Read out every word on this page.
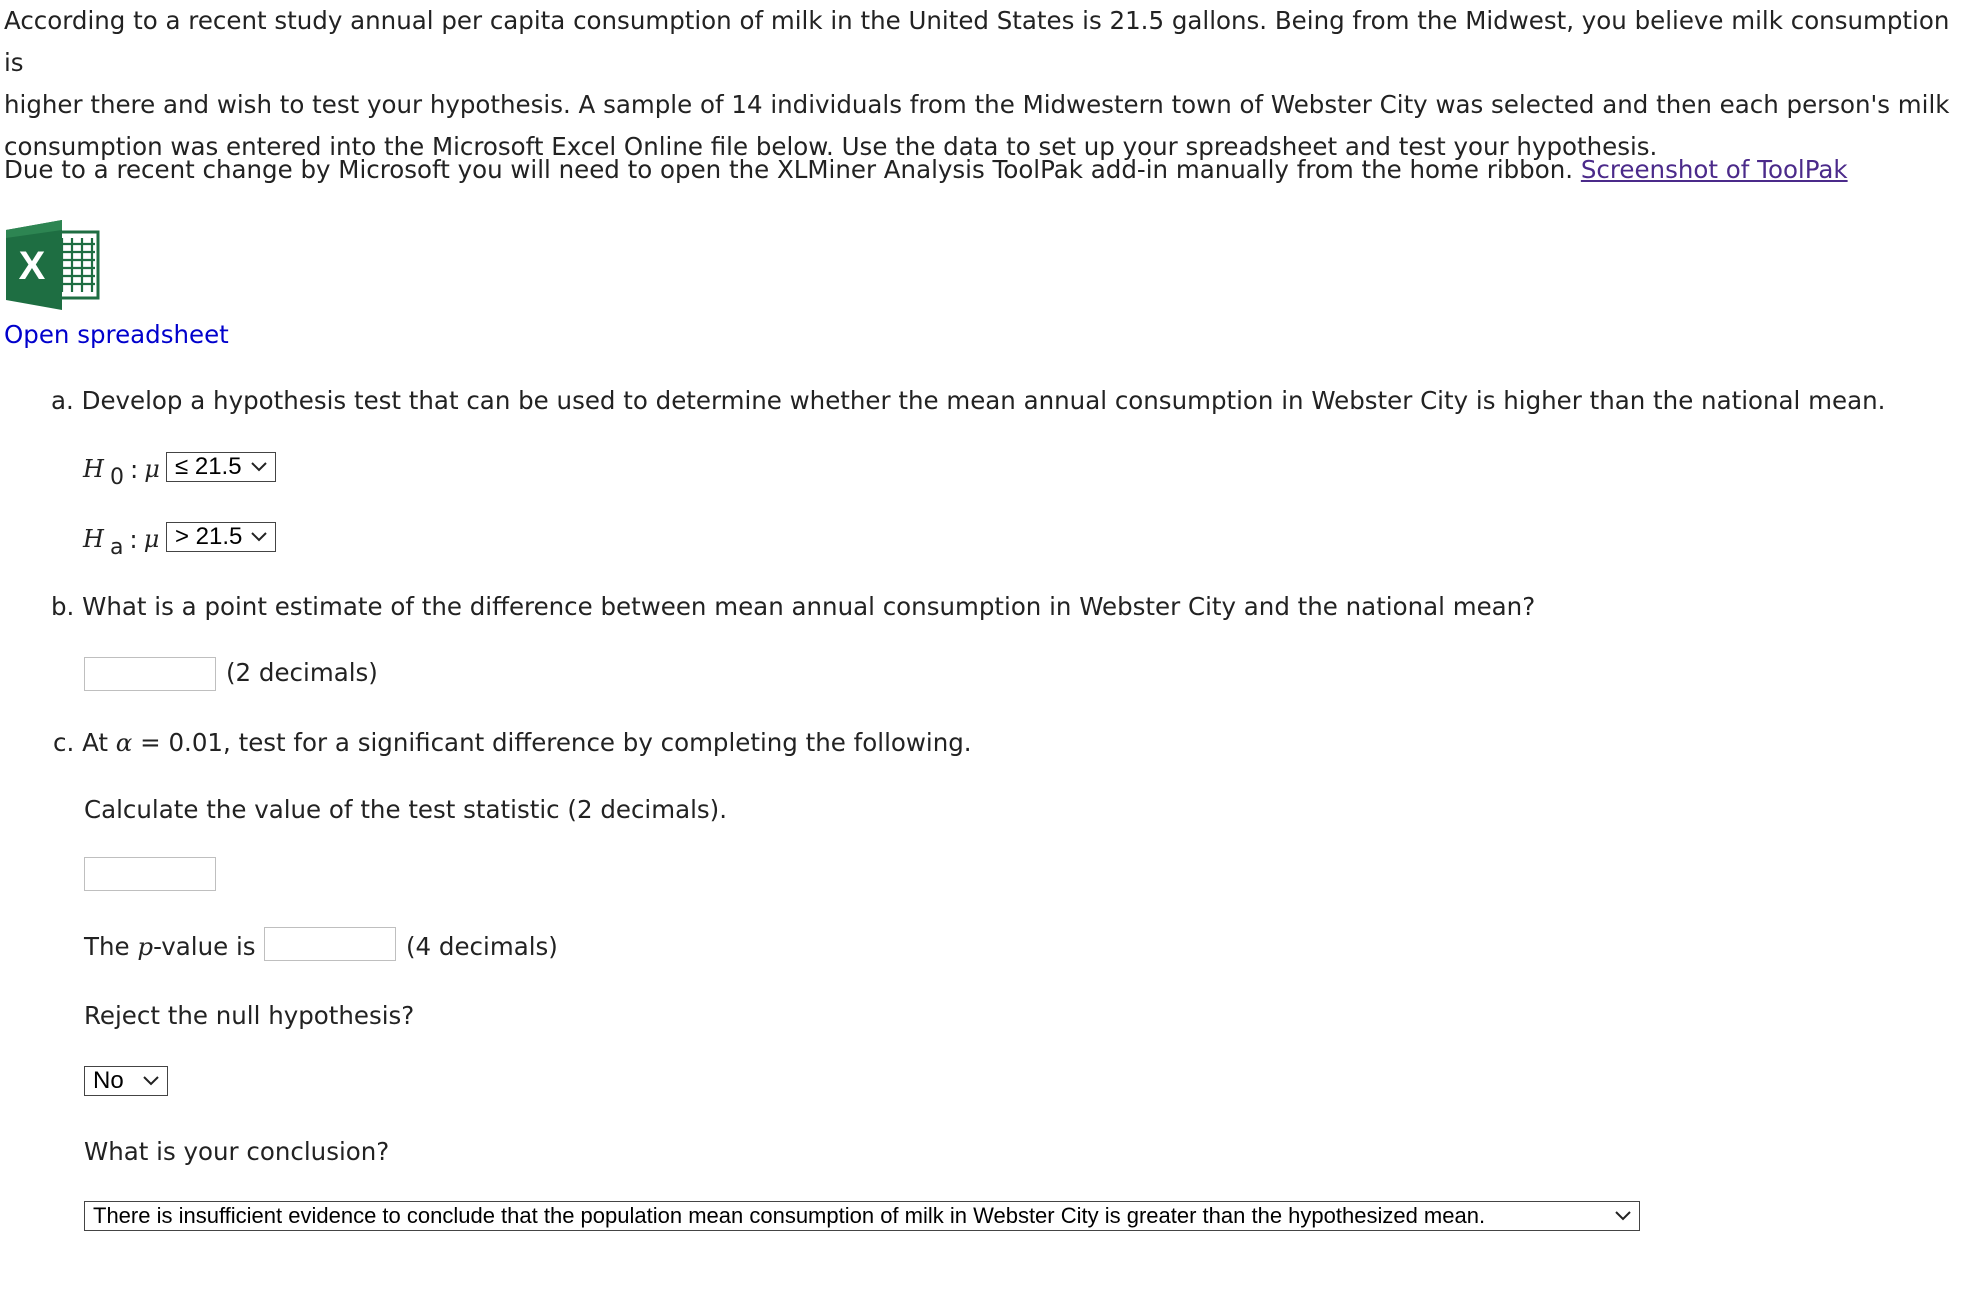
According to a recent study annual per capita consumption of milk in the United States is 21.5 gallons. Being from the Midwest, you believe milk consumption is

higher there and wish to test your hypothesis. A sample of 14 individuals from the Midwestern town of Webster City was selected and then each person's milk

consumption was entered into the Microsoft Excel Online file below. Use the data to set up your spreadsheet and test your hypothesis.

Due to a recent change by Microsoft you will need to open the XLMiner Analysis ToolPak add-in manually from the home ribbon. Screenshot of ToolPak
X
Open spreadsheet
a. Develop a hypothesis test that can be used to determine whether the mean annual consumption in Webster City is higher than the national mean.
H 0 : μ ≤ 21.5
H a : μ > 21.5
b. What is a point estimate of the difference between mean annual consumption in Webster City and the national mean?
(2 decimals)
c. At α = 0.01, test for a significant difference by completing the following.
Calculate the value of the test statistic (2 decimals).
The
p -value is	(4 decimals)
Reject the null hypothesis?
No
What is your conclusion?
There is insufficient evidence to conclude that the population mean consumption of milk in Webster City is greater than the hypothesized mean.
